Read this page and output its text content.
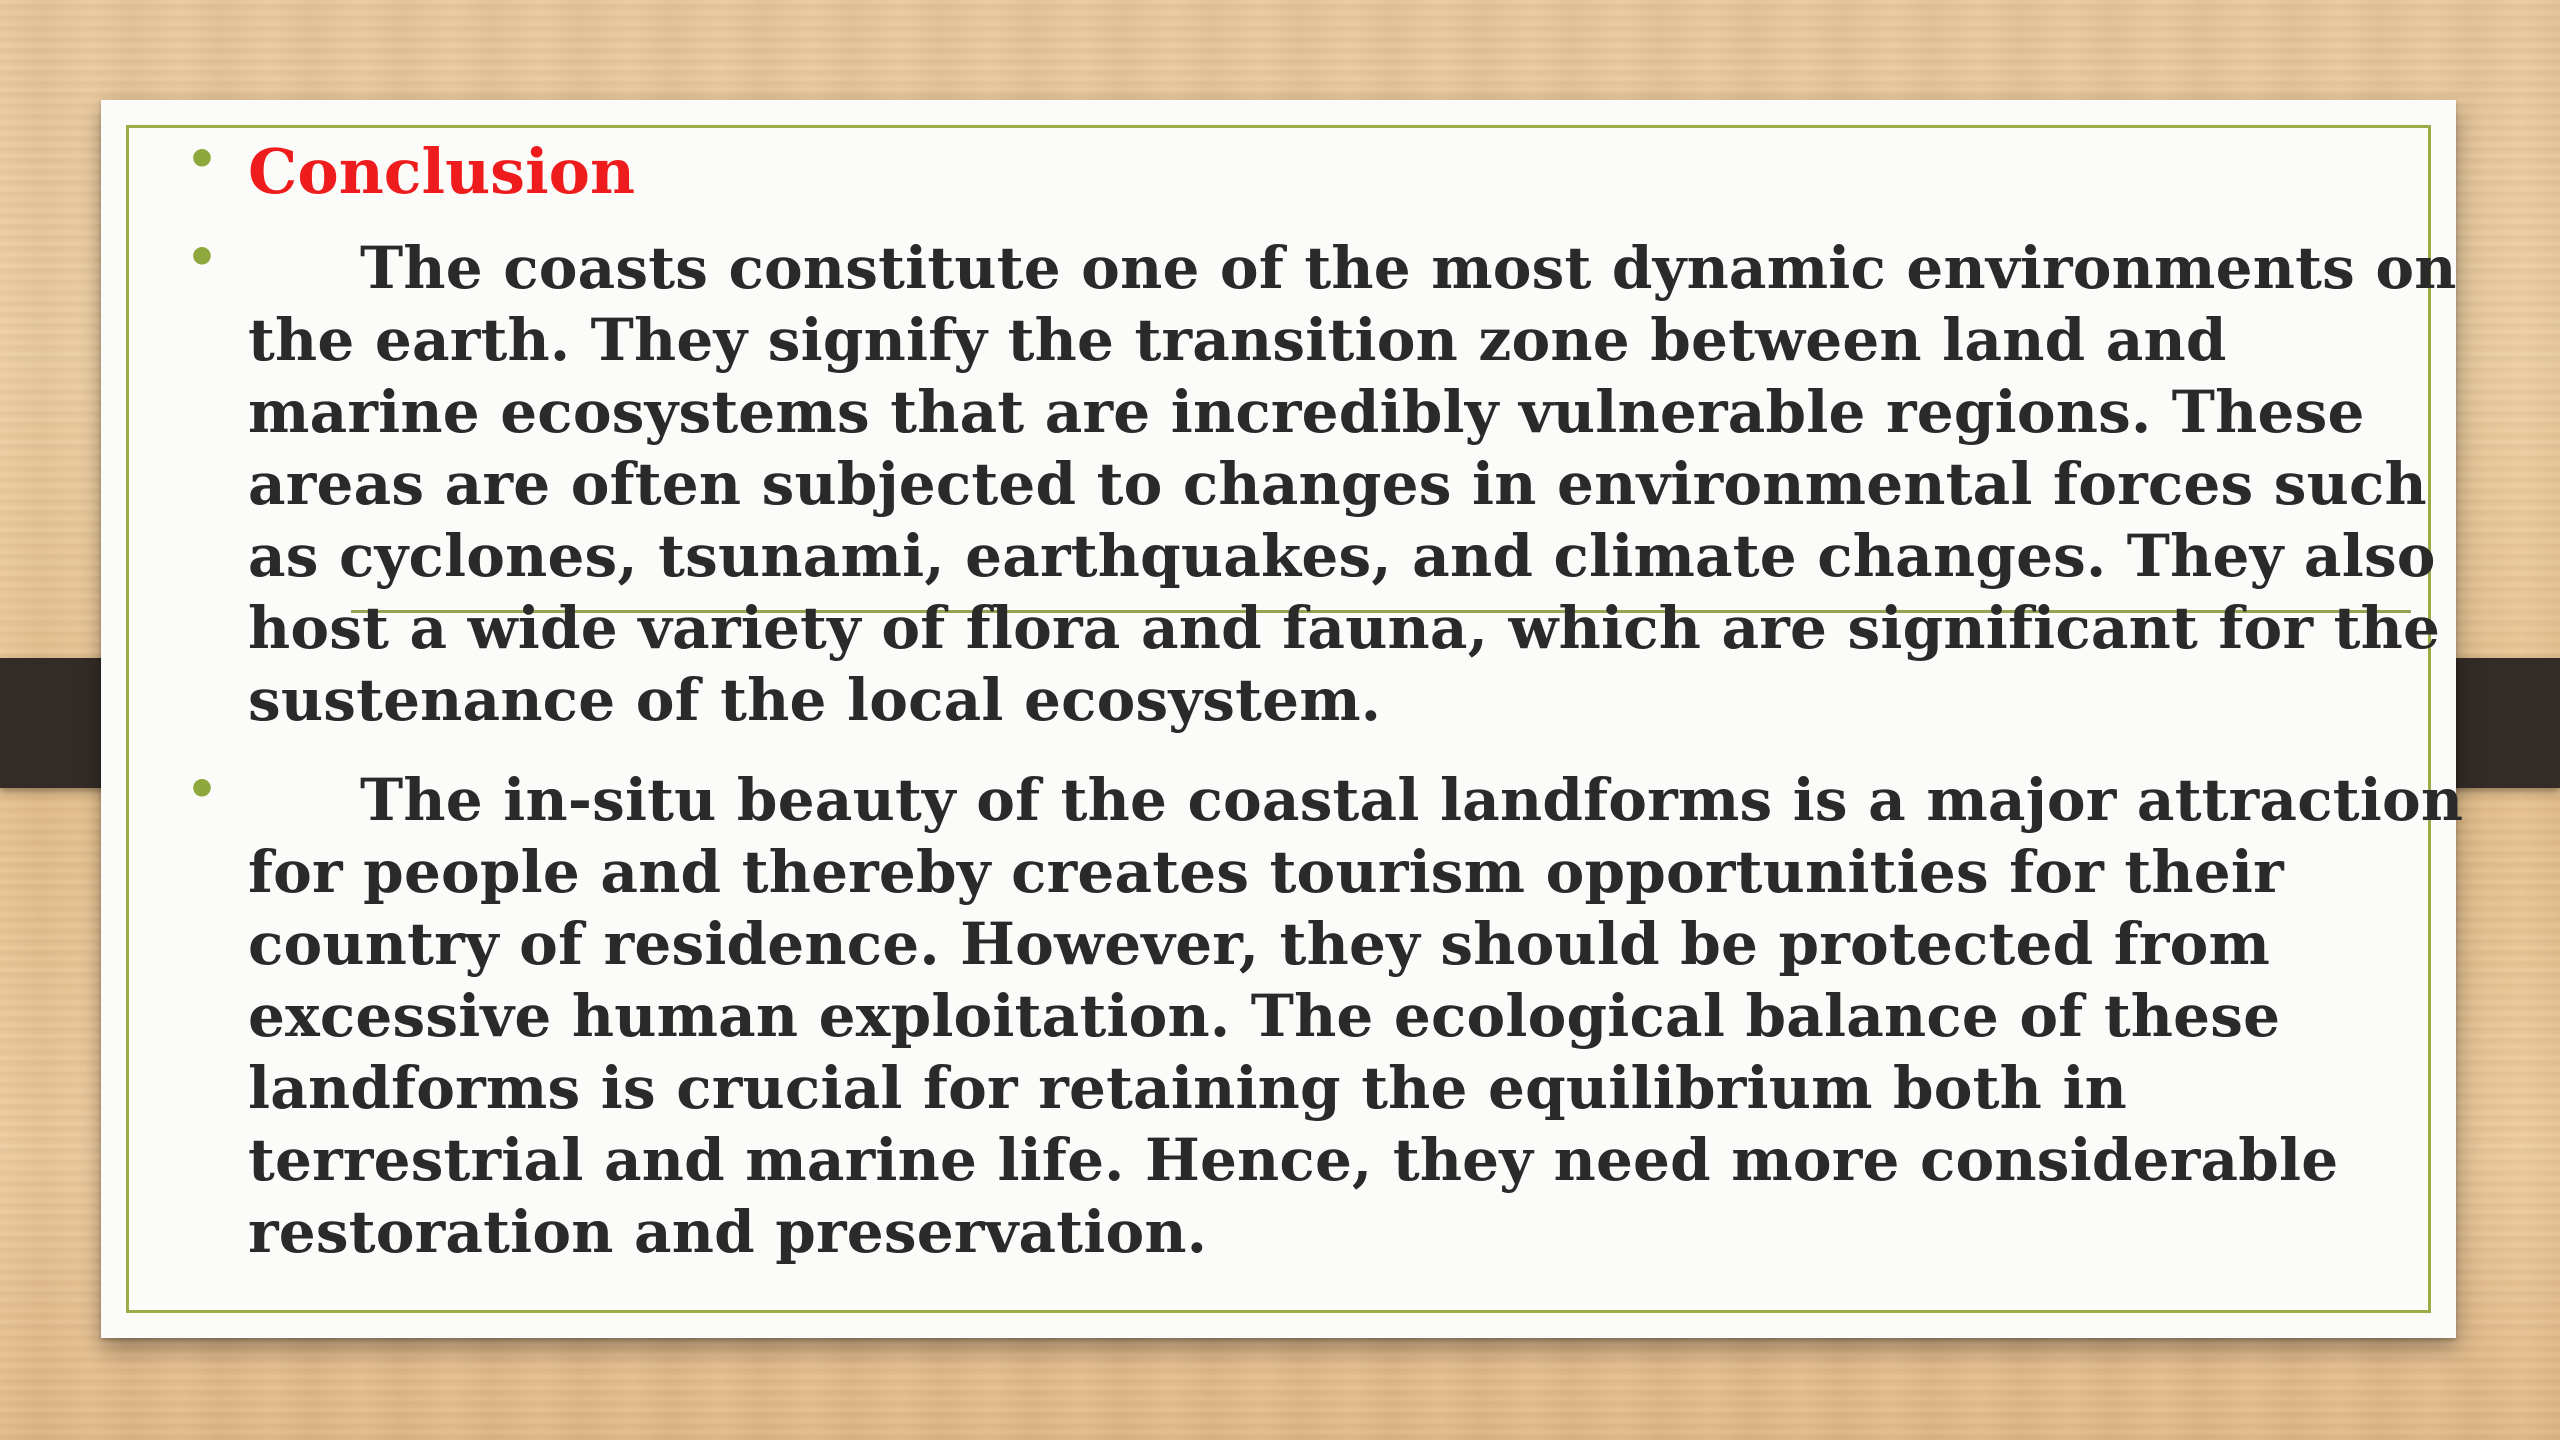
• Conclusion
• The coasts constitute one of the most dynamic environments on the earth. They signify the transition zone between land and marine ecosystems that are incredibly vulnerable regions. These areas are often subjected to changes in environmental forces such as cyclones, tsunami, earthquakes, and climate changes. They also host a wide variety of flora and fauna, which are significant for the sustenance of the local ecosystem.
• The in-situ beauty of the coastal landforms is a major attraction for people and thereby creates tourism opportunities for their country of residence. However, they should be protected from excessive human exploitation. The ecological balance of these landforms is crucial for retaining the equilibrium both in terrestrial and marine life. Hence, they need more considerable restoration and preservation.
